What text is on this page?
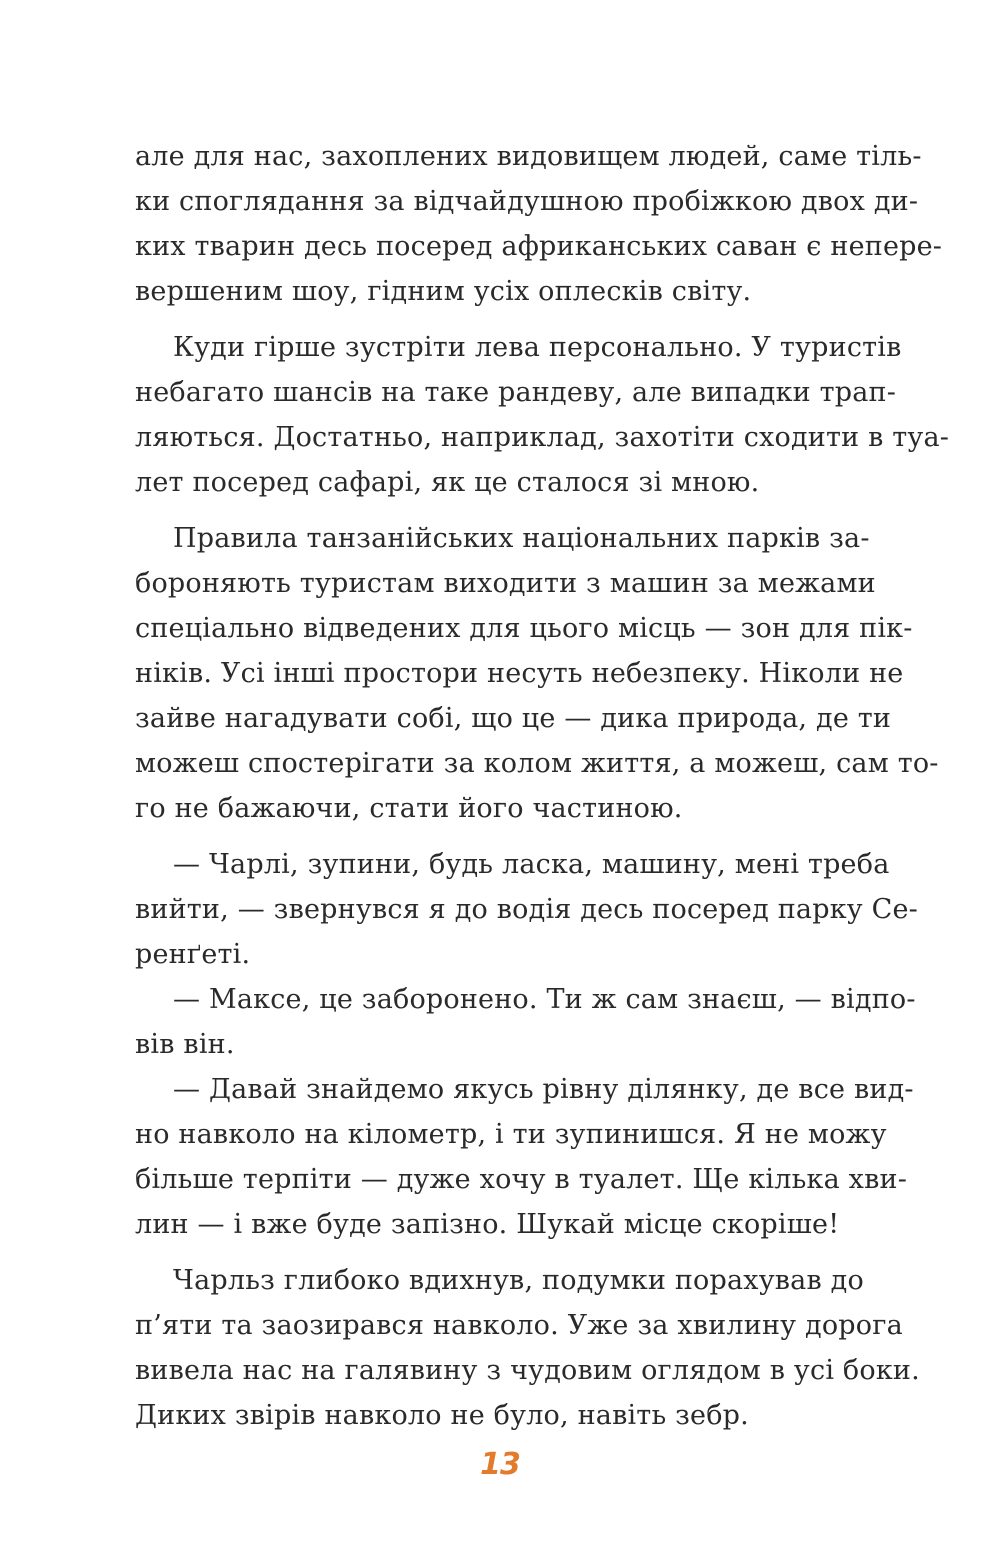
але для нас, захоплених видовищем людей, саме тіль-
ки споглядання за відчайдушною пробіжкою двох ди-
ких тварин десь посеред африканських саван є непере-
вершеним шоу, гідним усіх оплесків світу.

Куди гірше зустріти лева персонально. У туристів
небагато шансів на таке рандеву, але випадки трап-
ляються. Достатньо, наприклад, захотіти сходити в туа-
лет посеред сафарі, як це сталося зі мною.

Правила танзанійських національних парків за-
бороняють туристам виходити з машин за межами
спеціально відведених для цього місць — зон для пік-
ніків. Усі інші простори несуть небезпеку. Ніколи не
зайве нагадувати собі, що це — дика природа, де ти
можеш спостерігати за колом життя, а можеш, сам то-
го не бажаючи, стати його частиною.

— Чарлі, зупини, будь ласка, машину, мені треба
вийти, — звернувся я до водія десь посеред парку Се-
ренґеті.

— Максе, це заборонено. Ти ж сам знаєш, — відпо-
вів він.

— Давай знайдемо якусь рівну ділянку, де все вид-
но навколо на кілометр, і ти зупинишся. Я не можу
більше терпіти — дуже хочу в туалет. Ще кілька хви-
лин — і вже буде запізно. Шукай місце скоріше!

Чарльз глибоко вдихнув, подумки порахував до
п’яти та заозирався навколо. Уже за хвилину дорога
вивела нас на галявину з чудовим оглядом в усі боки.
Диких звірів навколо не було, навіть зебр.

13
